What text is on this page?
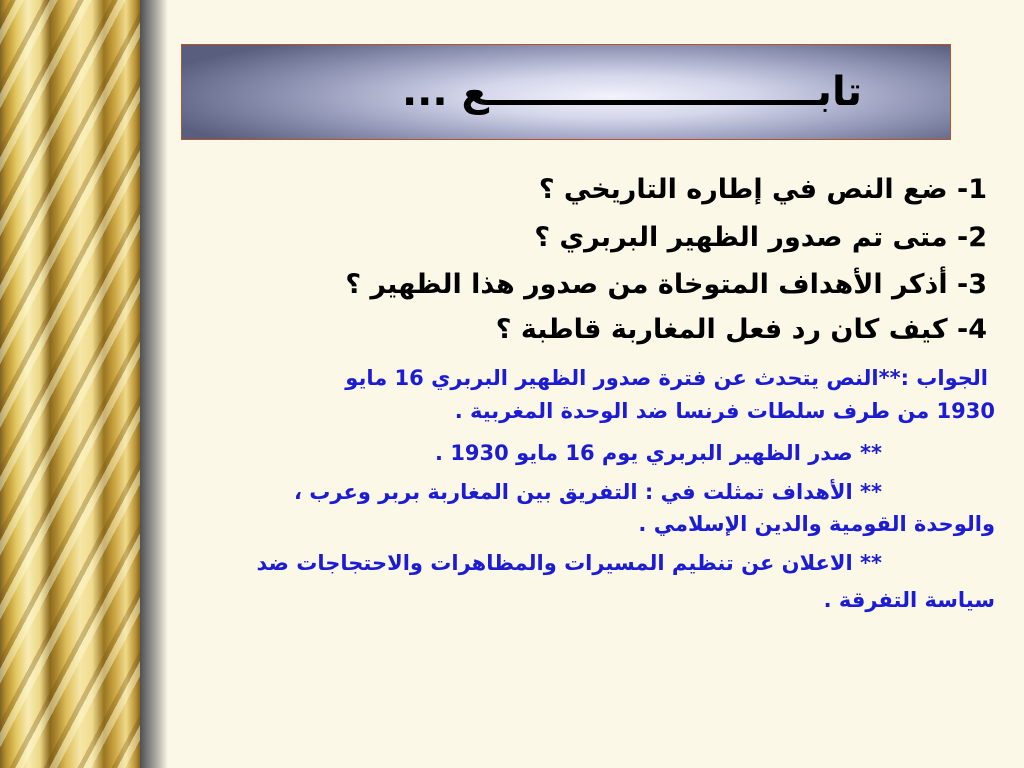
تابــــــــــــــــــــــــع ...
1- ضع النص في إطاره التاريخي ؟
2- متى تم صدور الظهير البربري ؟
3- أذكر الأهداف المتوخاة من صدور هذا الظهير ؟
4- كيف كان رد فعل المغاربة قاطبة ؟
الجواب :**النص يتحدث عن فترة صدور الظهير البربري 16 مايو
1930 من طرف سلطات فرنسا ضد الوحدة المغربية .
** صدر الظهير البربري يوم 16 مايو 1930 .
** الأهداف تمثلت في : التفريق بين المغاربة بربر وعرب ،
والوحدة القومية والدين الإسلامي .
** الاعلان عن تنظيم المسيرات والمظاهرات والاحتجاجات ضد
سياسة التفرقة .
